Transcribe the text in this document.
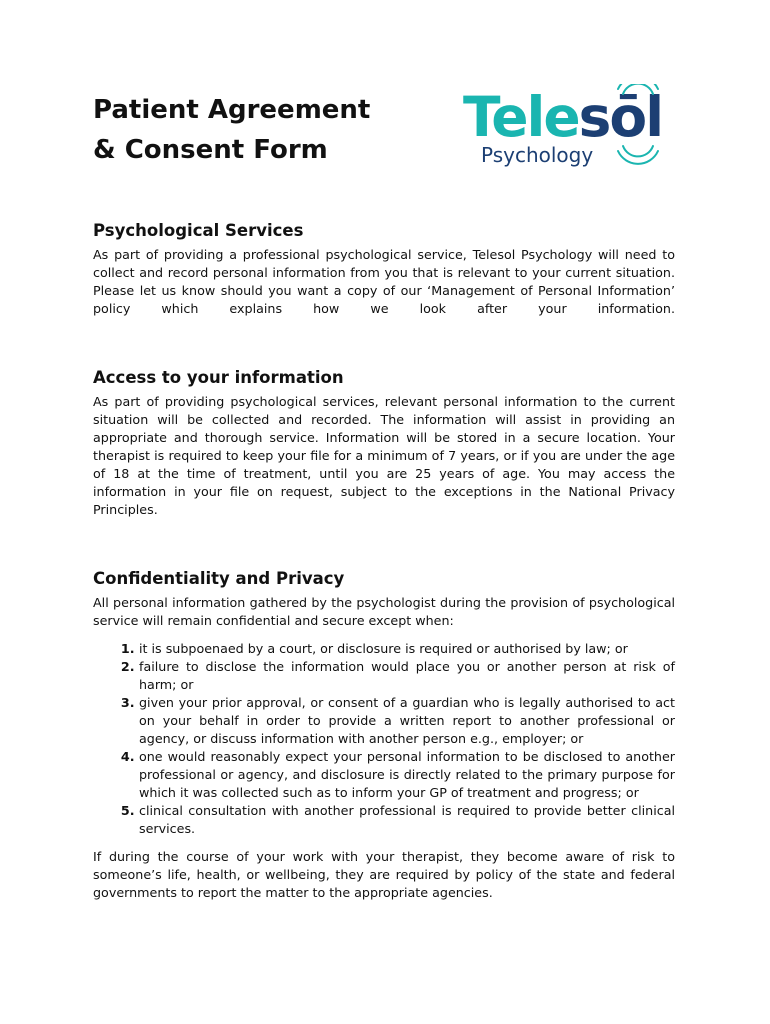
Patient Agreement
& Consent Form
Telesōl
Psychology
Psychological Services

As part of providing a professional psychological service, Telesol Psychology will need to collect and record personal information from you that is relevant to your current situation. Please let us know should you want a copy of our ‘Management of Personal Information’ policy which explains how we look after your information.

Access to your information

As part of providing psychological services, relevant personal information to the current situation will be collected and recorded. The information will assist in providing an appropriate and thorough service. Information will be stored in a secure location. Your therapist is required to keep your file for a minimum of 7 years, or if you are under the age of 18 at the time of treatment, until you are 25 years of age. You may access the information in your file on request, subject to the exceptions in the National Privacy Principles.

Confidentiality and Privacy

All personal information gathered by the psychologist during the provision of psychological service will remain confidential and secure except when:

1. it is subpoenaed by a court, or disclosure is required or authorised by law; or
2. failure to disclose the information would place you or another person at risk of harm; or
3. given your prior approval, or consent of a guardian who is legally authorised to act on your behalf in order to provide a written report to another professional or agency, or discuss information with another person e.g., employer; or
4. one would reasonably expect your personal information to be disclosed to another professional or agency, and disclosure is directly related to the primary purpose for which it was collected such as to inform your GP of treatment and progress; or
5. clinical consultation with another professional is required to provide better clinical services.

If during the course of your work with your therapist, they become aware of risk to someone’s life, health, or wellbeing, they are required by policy of the state and federal governments to report the matter to the appropriate agencies.
